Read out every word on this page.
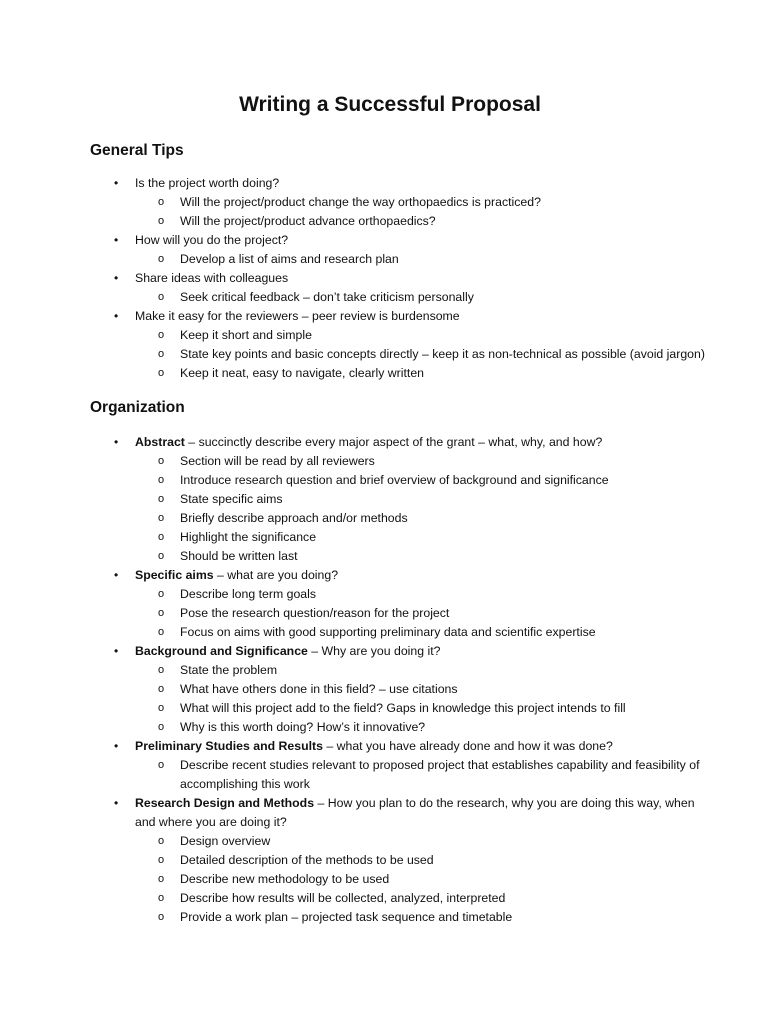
Writing a Successful Proposal
General Tips
• Is the project worth doing?
o Will the project/product change the way orthopaedics is practiced?
o Will the project/product advance orthopaedics?
• How will you do the project?
o Develop a list of aims and research plan
• Share ideas with colleagues
o Seek critical feedback – don’t take criticism personally
• Make it easy for the reviewers – peer review is burdensome
o Keep it short and simple
o State key points and basic concepts directly – keep it as non-technical as possible (avoid jargon)
o Keep it neat, easy to navigate, clearly written
Organization
• Abstract – succinctly describe every major aspect of the grant – what, why, and how?
o Section will be read by all reviewers
o Introduce research question and brief overview of background and significance
o State specific aims
o Briefly describe approach and/or methods
o Highlight the significance
o Should be written last
• Specific aims – what are you doing?
o Describe long term goals
o Pose the research question/reason for the project
o Focus on aims with good supporting preliminary data and scientific expertise
• Background and Significance – Why are you doing it?
o State the problem
o What have others done in this field? – use citations
o What will this project add to the field? Gaps in knowledge this project intends to fill
o Why is this worth doing? How’s it innovative?
• Preliminary Studies and Results – what you have already done and how it was done?
o Describe recent studies relevant to proposed project that establishes capability and feasibility of accomplishing this work
• Research Design and Methods – How you plan to do the research, why you are doing this way, when and where you are doing it?
o Design overview
o Detailed description of the methods to be used
o Describe new methodology to be used
o Describe how results will be collected, analyzed, interpreted
o Provide a work plan – projected task sequence and timetable
